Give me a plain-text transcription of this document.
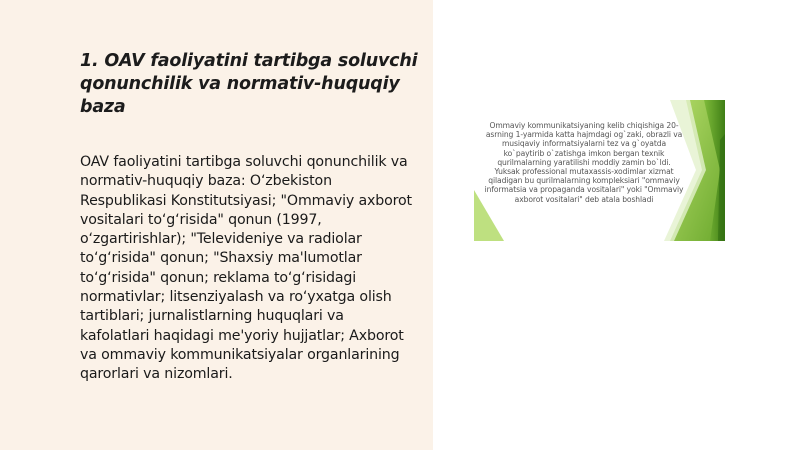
1. OAV faoliyatini tartibga soluvchi qonunchilik va normativ-huquqiy baza

OAV faoliyatini tartibga soluvchi qonunchilik va normativ-huquqiy baza: O‘zbekiston Respublikasi Konstitutsiyasi; "Ommaviy axborot vositalari to‘g‘risida" qonun (1997, o‘zgartirishlar); "Televideniye va radiolar to‘g‘risida" qonun; "Shaxsiy ma'lumotlar to‘g‘risida" qonun; reklama to‘g‘risidagi normativlar; litsenziyalash va ro‘yxatga olish tartiblari; jurnalistlarning huquqlari va kafolatlari haqidagi me'yoriy hujjatlar; Axborot va ommaviy kommunikatsiyalar organlarining qarorlari va nizomlari.

Ommaviy kommunikatsiyaning kelib chiqishiga 20- asrning 1-yarmida katta hajmdagi og`zaki, obrazli va musiqaviy informatsiyalarni tez va g`oyatda ko`paytirib o`zatishga imkon bergan texnik qurilmalarning yaratilishi moddiy zamin bo`ldi. Yuksak professional mutaxassis-xodimlar xizmat qiladigan bu qurilmalarning kompleksiari "ommaviy informatsia va propaganda vositalari" yoki "Ommaviy axborot vositalari" deb atala boshladi
